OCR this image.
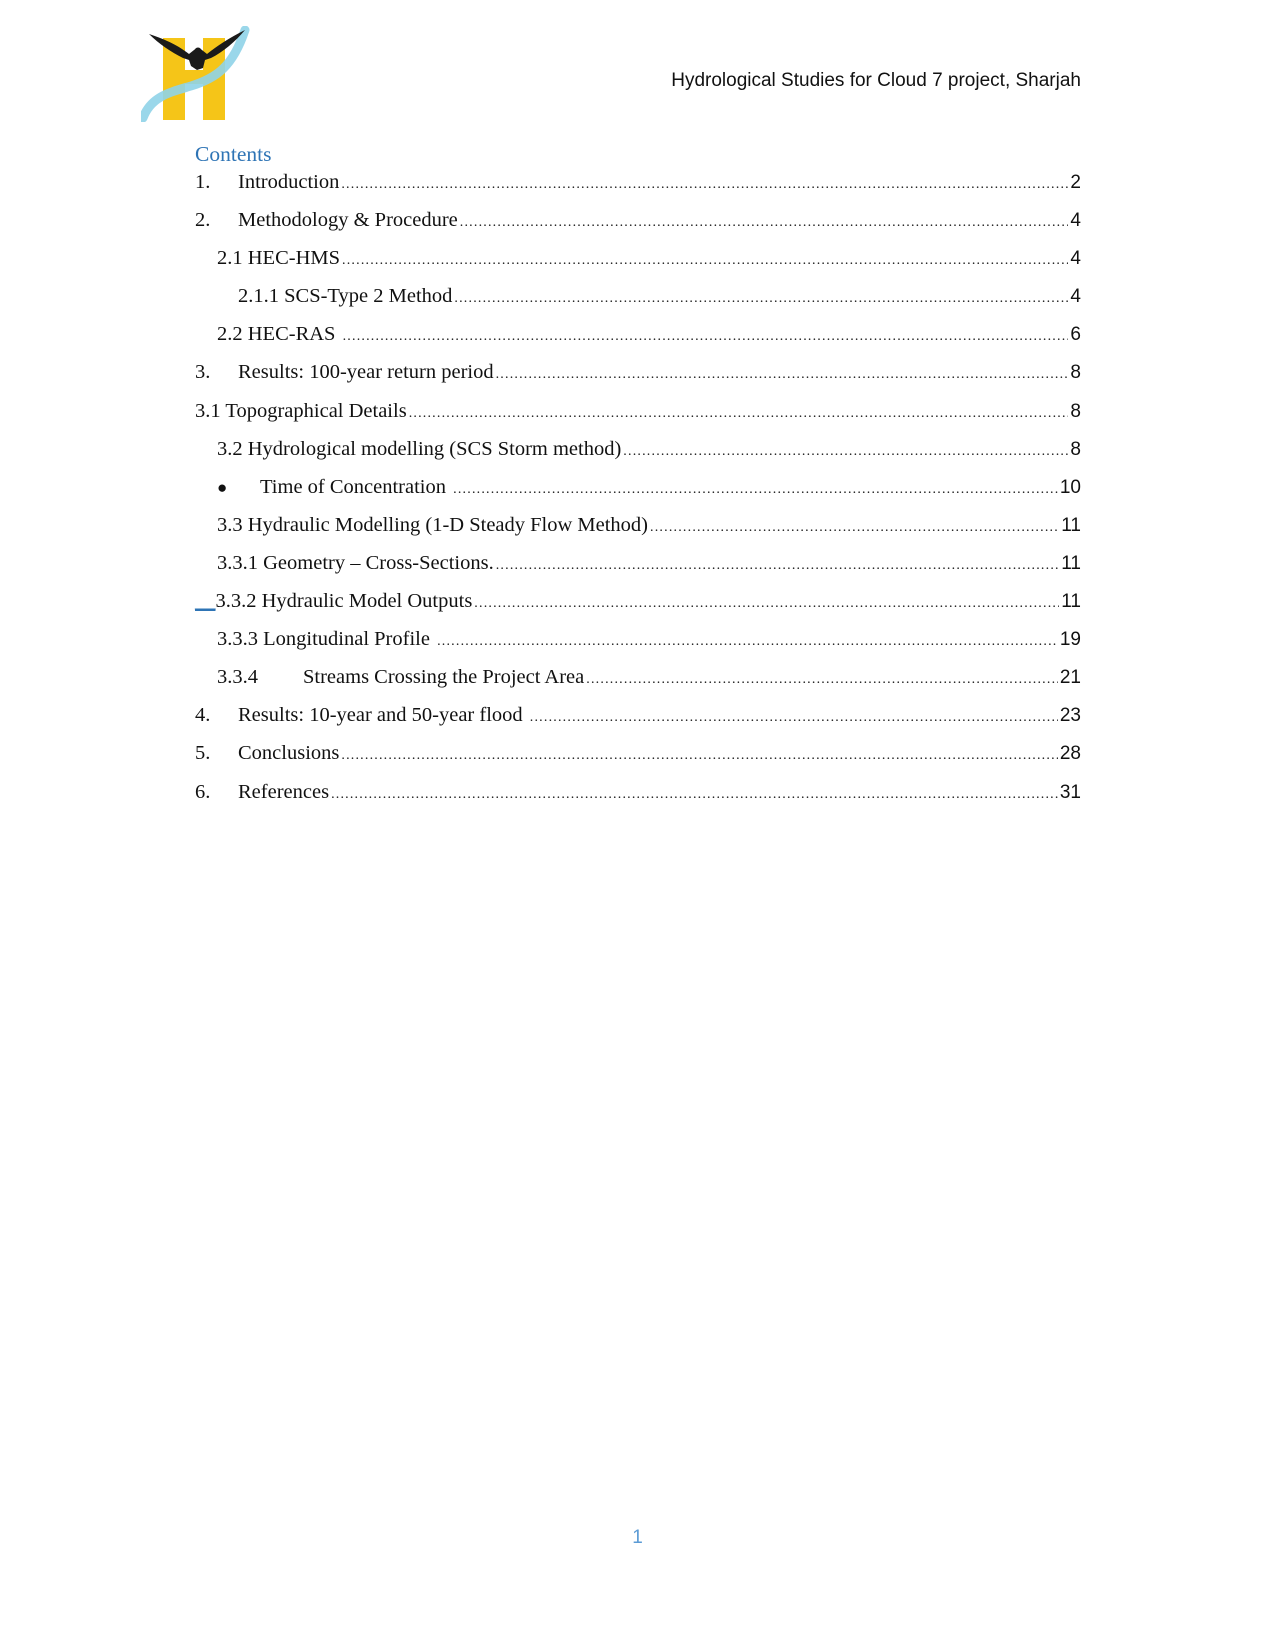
Hydrological Studies for Cloud 7 project, Sharjah
Contents
1.	Introduction .....	2
2.	Methodology & Procedure .....	4
2.1 HEC-HMS .....	4
2.1.1 SCS-Type 2 Method .....	4
2.2 HEC-RAS .....	6
3.	Results: 100-year return period .....	8
3.1 Topographical Details .....	8
3.2 Hydrological modelling (SCS Storm method) .....	8
●	Time of Concentration .....	10
3.3 Hydraulic Modelling (1-D Steady Flow Method) .....	11
3.3.1 Geometry – Cross-Sections. .....	11
__ 3.3.2 Hydraulic Model Outputs .....	11
3.3.3 Longitudinal Profile .....	19
3.3.4	Streams Crossing the Project Area .....	21
4.	Results: 10-year and 50-year flood .....	23
5.	Conclusions .....	28
6.	References .....	31
1
